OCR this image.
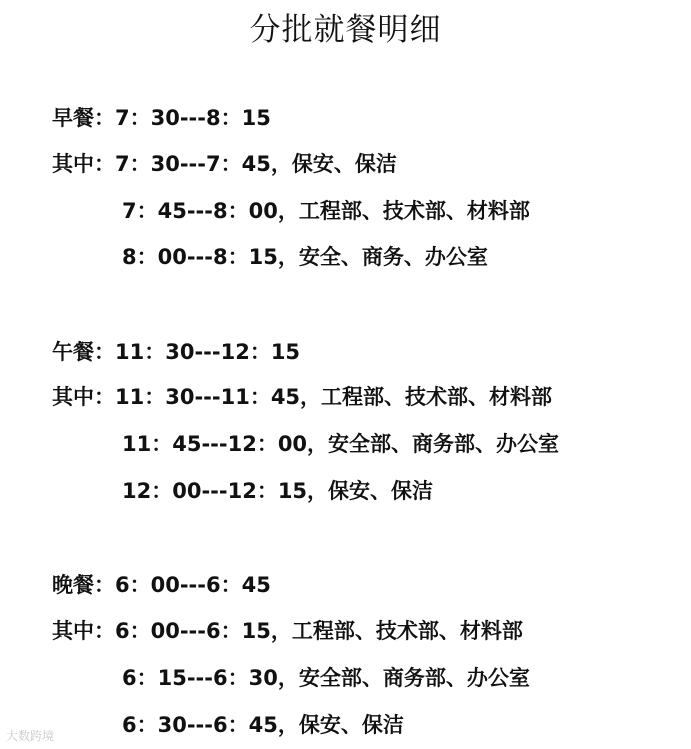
分批就餐明细
早餐：7：30---8：15
其中：7：30---7：45，保安、保洁
7：45---8：00，工程部、技术部、材料部
8：00---8：15，安全、商务、办公室
午餐：11：30---12：15
其中：11：30---11：45，工程部、技术部、材料部
11：45---12：00，安全部、商务部、办公室
12：00---12：15，保安、保洁
晚餐：6：00---6：45
其中：6：00---6：15，工程部、技术部、材料部
6：15---6：30，安全部、商务部、办公室
6：30---6：45，保安、保洁
大数跨境
